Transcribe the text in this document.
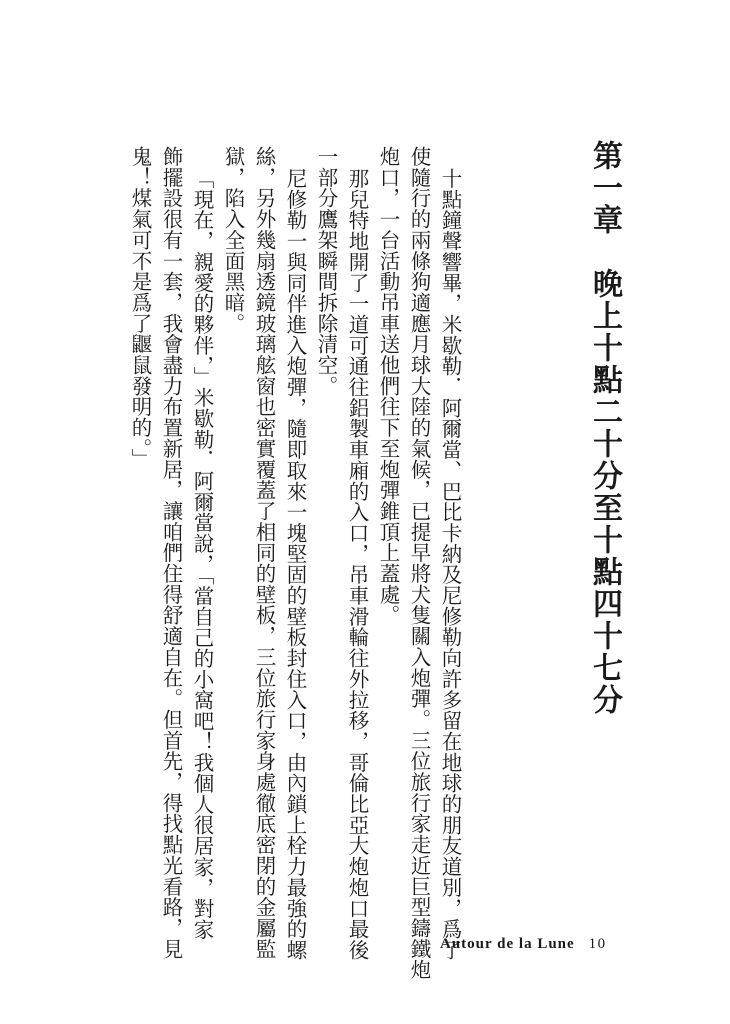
第一章　晚上十點二十分至十點四十七分
十點鐘聲響畢，米歇勒．阿爾當、巴比卡納及尼修勒向許多留在地球的朋友道別，爲了
使隨行的兩條狗適應月球大陸的氣候，已提早將犬隻關入炮彈。三位旅行家走近巨型鑄鐵炮
炮口，一台活動吊車送他們往下至炮彈錐頂上蓋處。
那兒特地開了一道可通往鋁製車廂的入口，吊車滑輪往外拉移，哥倫比亞大炮炮口最後
一部分鷹架瞬間拆除清空。
尼修勒一與同伴進入炮彈，隨即取來一塊堅固的壁板封住入口，由內鎖上栓力最強的螺
絲，另外幾扇透鏡玻璃舷窗也密實覆蓋了相同的壁板，三位旅行家身處徹底密閉的金屬監
獄，陷入全面黑暗。
「現在，親愛的夥伴，」米歇勒．阿爾當說，「當自己的小窩吧！我個人很居家，對家
飾擺設很有一套，我會盡力布置新居，讓咱們住得舒適自在。但首先，得找點光看路，見
鬼！煤氣可不是爲了鼴鼠發明的。」
Autour de la Lune 10
